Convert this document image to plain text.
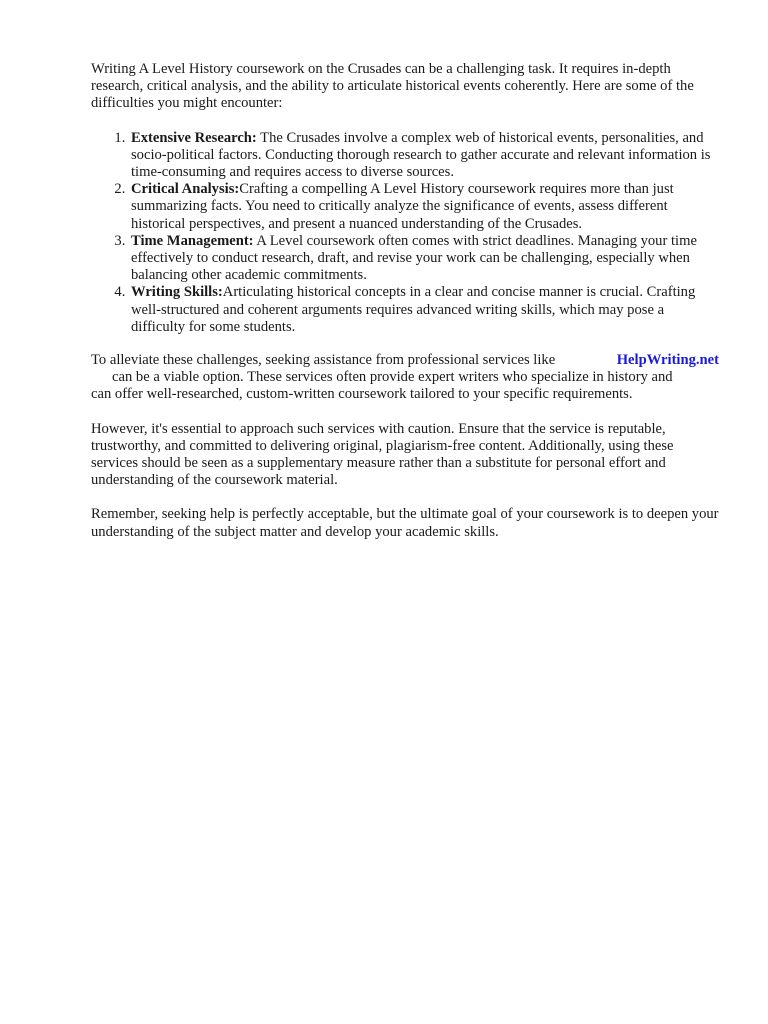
Writing A Level History coursework on the Crusades can be a challenging task. It requires in-depth research, critical analysis, and the ability to articulate historical events coherently. Here are some of the difficulties you might encounter:

1. Extensive Research: The Crusades involve a complex web of historical events, personalities, and socio-political factors. Conducting thorough research to gather accurate and relevant information is time-consuming and requires access to diverse sources.
2. Critical Analysis:Crafting a compelling A Level History coursework requires more than just summarizing facts. You need to critically analyze the significance of events, assess different historical perspectives, and present a nuanced understanding of the Crusades.
3. Time Management: A Level coursework often comes with strict deadlines. Managing your time effectively to conduct research, draft, and revise your work can be challenging, especially when balancing other academic commitments.
4. Writing Skills:Articulating historical concepts in a clear and concise manner is crucial. Crafting well-structured and coherent arguments requires advanced writing skills, which may pose a difficulty for some students.
To alleviate these challenges, seeking assistance from professional services like	HelpWriting.net
can be a viable option. These services often provide expert writers who specialize in history and
can offer well-researched, custom-written coursework tailored to your specific requirements.

However, it's essential to approach such services with caution. Ensure that the service is reputable, trustworthy, and committed to delivering original, plagiarism-free content. Additionally, using these services should be seen as a supplementary measure rather than a substitute for personal effort and understanding of the coursework material.

Remember, seeking help is perfectly acceptable, but the ultimate goal of your coursework is to deepen your understanding of the subject matter and develop your academic skills.
